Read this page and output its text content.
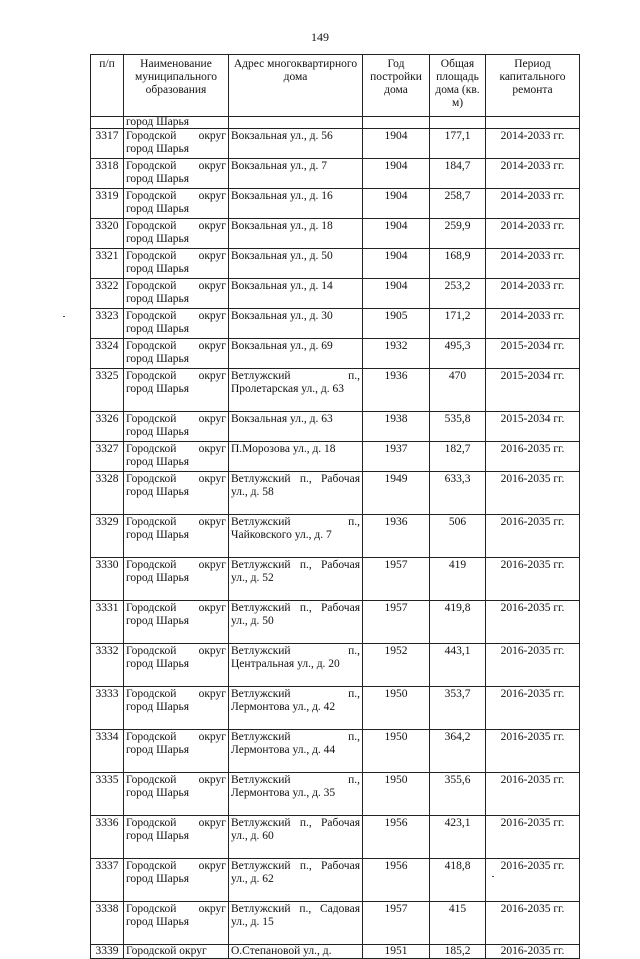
149
п/п	Наименование муниципального образования	Адрес многоквартирного дома	Год постройки дома	Общая площадь дома (кв. м)	Период капитального ремонта
	город Шарья				
3317	Городской округ город Шарья	Вокзальная ул., д. 56	1904	177,1	2014-2033 гг.
3318	Городской округ город Шарья	Вокзальная ул., д. 7	1904	184,7	2014-2033 гг.
3319	Городской округ город Шарья	Вокзальная ул., д. 16	1904	258,7	2014-2033 гг.
3320	Городской округ город Шарья	Вокзальная ул., д. 18	1904	259,9	2014-2033 гг.
3321	Городской округ город Шарья	Вокзальная ул., д. 50	1904	168,9	2014-2033 гг.
3322	Городской округ город Шарья	Вокзальная ул., д. 14	1904	253,2	2014-2033 гг.
3323	Городской округ город Шарья	Вокзальная ул., д. 30	1905	171,2	2014-2033 гг.
3324	Городской округ город Шарья	Вокзальная ул., д. 69	1932	495,3	2015-2034 гг.
3325	Городской округ город Шарья	Ветлужский п., Пролетарская ул., д. 63	1936	470	2015-2034 гг.
3326	Городской округ город Шарья	Вокзальная ул., д. 63	1938	535,8	2015-2034 гг.
3327	Городской округ город Шарья	П.Морозова ул., д. 18	1937	182,7	2016-2035 гг.
3328	Городской округ город Шарья	Ветлужский п., Рабочая ул., д. 58	1949	633,3	2016-2035 гг.
3329	Городской округ город Шарья	Ветлужский п., Чайковского ул., д. 7	1936	506	2016-2035 гг.
3330	Городской округ город Шарья	Ветлужский п., Рабочая ул., д. 52	1957	419	2016-2035 гг.
3331	Городской округ город Шарья	Ветлужский п., Рабочая ул., д. 50	1957	419,8	2016-2035 гг.
3332	Городской округ город Шарья	Ветлужский п., Центральная ул., д. 20	1952	443,1	2016-2035 гг.
3333	Городской округ город Шарья	Ветлужский п., Лермонтова ул., д. 42	1950	353,7	2016-2035 гг.
3334	Городской округ город Шарья	Ветлужский п., Лермонтова ул., д. 44	1950	364,2	2016-2035 гг.
3335	Городской округ город Шарья	Ветлужский п., Лермонтова ул., д. 35	1950	355,6	2016-2035 гг.
3336	Городской округ город Шарья	Ветлужский п., Рабочая ул., д. 60	1956	423,1	2016-2035 гг.
3337	Городской округ город Шарья	Ветлужский п., Рабочая ул., д. 62	1956	418,8	2016-2035 гг.
3338	Городской округ город Шарья	Ветлужский п., Садовая ул., д. 15	1957	415	2016-2035 гг.
3339	Городской округ	О.Степановой ул., д.	1951	185,2	2016-2035 гг.
